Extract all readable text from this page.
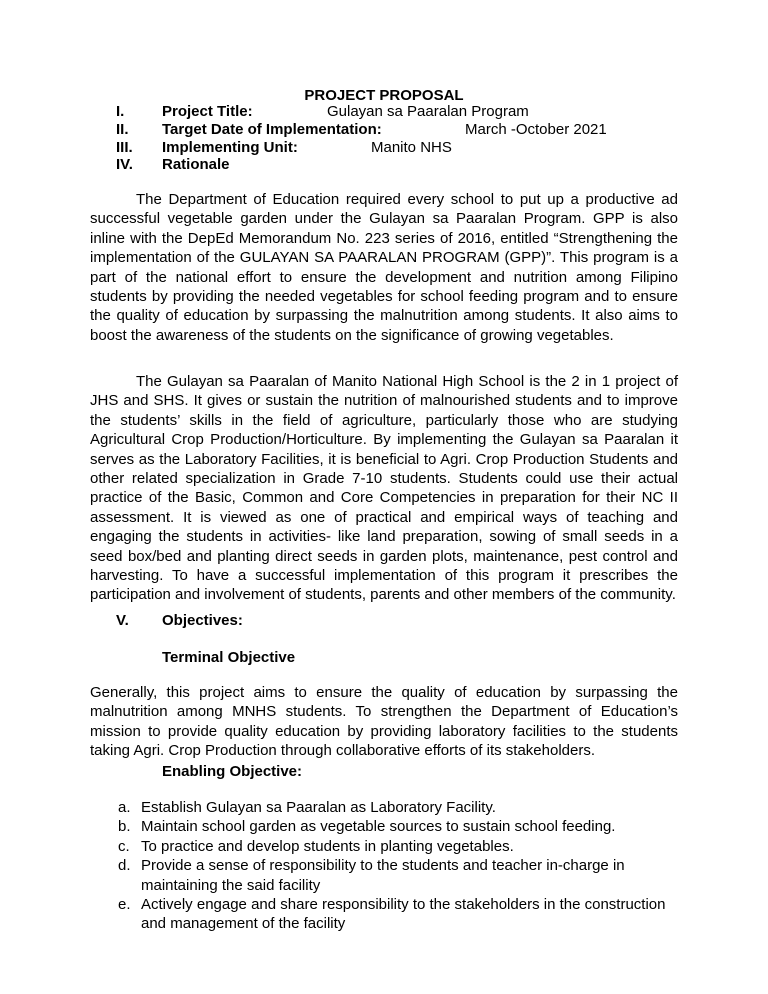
PROJECT PROPOSAL
I.	Project Title:	Gulayan sa Paaralan Program
II. Target Date of Implementation:	March -October 2021
III. Implementing Unit:	Manito NHS
IV. Rationale

The Department of Education required every school to put up a productive ad successful vegetable garden under the Gulayan sa Paaralan Program. GPP is also inline with the DepEd Memorandum No. 223 series of 2016, entitled “Strengthening the implementation of the GULAYAN SA PAARALAN PROGRAM (GPP)”. This program is a part of the national effort to ensure the development and nutrition among Filipino students by providing the needed vegetables for school feeding program and to ensure the quality of education by surpassing the malnutrition among students. It also aims to boost the awareness of the students on the significance of growing vegetables.

The Gulayan sa Paaralan of Manito National High School is the 2 in 1 project of JHS and SHS. It gives or sustain the nutrition of malnourished students and to improve the students’ skills in the field of agriculture, particularly those who are studying Agricultural Crop Production/Horticulture. By implementing the Gulayan sa Paaralan it serves as the Laboratory Facilities, it is beneficial to Agri. Crop Production Students and other related specialization in Grade 7-10 students. Students could use their actual practice of the Basic, Common and Core Competencies in preparation for their NC II assessment. It is viewed as one of practical and empirical ways of teaching and engaging the students in activities- like land preparation, sowing of small seeds in a seed box/bed and planting direct seeds in garden plots, maintenance, pest control and harvesting. To have a successful implementation of this program it prescribes the participation and involvement of students, parents and other members of the community.

V. Objectives:
Terminal Objective

Generally, this project aims to ensure the quality of education by surpassing the malnutrition among MNHS students. To strengthen the Department of Education’s mission to provide quality education by providing laboratory facilities to the students taking Agri. Crop Production through collaborative efforts of its stakeholders.

Enabling Objective:
a. Establish Gulayan sa Paaralan as Laboratory Facility.
b. Maintain school garden as vegetable sources to sustain school feeding.
c. To practice and develop students in planting vegetables.
d. Provide a sense of responsibility to the students and teacher in-charge in maintaining the said facility
e. Actively engage and share responsibility to the stakeholders in the construction and management of the facility
